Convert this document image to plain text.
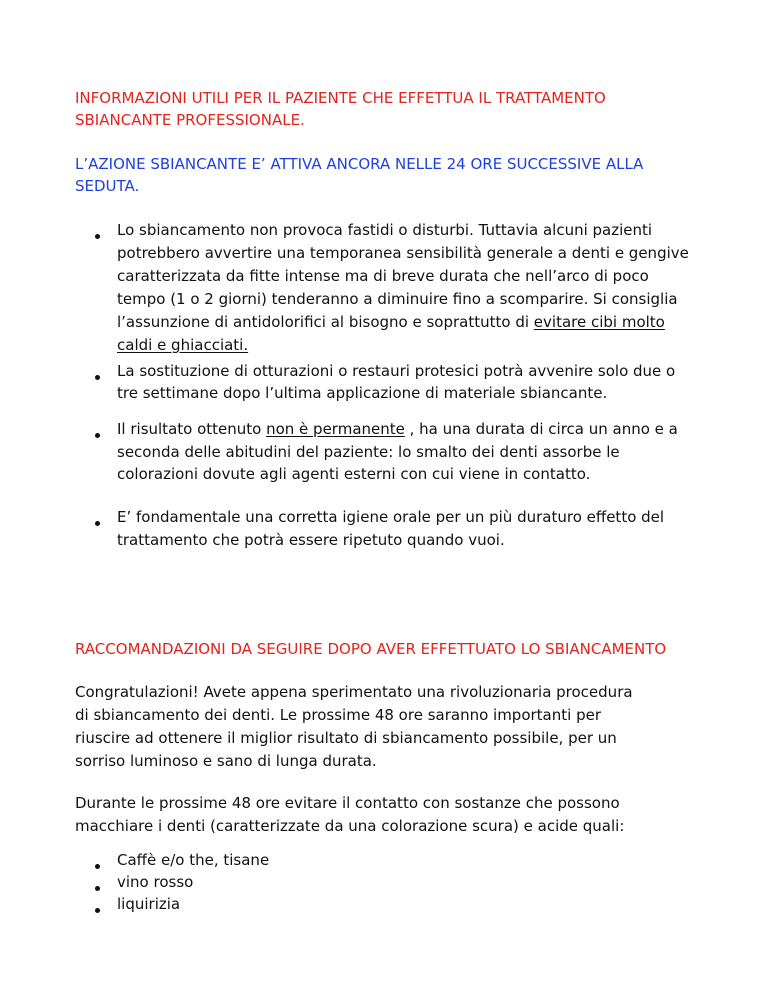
INFORMAZIONI UTILI PER IL PAZIENTE CHE EFFETTUA IL TRATTAMENTO

SBIANCANTE PROFESSIONALE.

L’AZIONE SBIANCANTE E’ ATTIVA ANCORA NELLE 24 ORE SUCCESSIVE ALLA

SEDUTA.

Lo sbiancamento non provoca fastidi o disturbi. Tuttavia alcuni pazienti

potrebbero avvertire una temporanea sensibilità generale a denti e gengive

caratterizzata da fitte intense ma di breve durata che nell’arco di poco

tempo (1 o 2 giorni) tenderanno a diminuire fino a scomparire. Si consiglia

l’assunzione di antidolorifici al bisogno e soprattutto di evitare cibi molto

caldi e ghiacciati.

La sostituzione di otturazioni o restauri protesici potrà avvenire solo due o

tre settimane dopo l’ultima applicazione di materiale sbiancante.

Il risultato ottenuto non è permanente , ha una durata di circa un anno e a

seconda delle abitudini del paziente: lo smalto dei denti assorbe le

colorazioni dovute agli agenti esterni con cui viene in contatto.

E’ fondamentale una corretta igiene orale per un più duraturo effetto del

trattamento che potrà essere ripetuto quando vuoi.

RACCOMANDAZIONI DA SEGUIRE DOPO AVER EFFETTUATO LO SBIANCAMENTO

Congratulazioni! Avete appena sperimentato una rivoluzionaria procedura

di sbiancamento dei denti. Le prossime 48 ore saranno importanti per

riuscire ad ottenere il miglior risultato di sbiancamento possibile, per un

sorriso luminoso e sano di lunga durata.

Durante le prossime 48 ore evitare il contatto con sostanze che possono

macchiare i denti (caratterizzate da una colorazione scura) e acide quali:

Caffè e/o the, tisane

vino rosso

liquirizia
